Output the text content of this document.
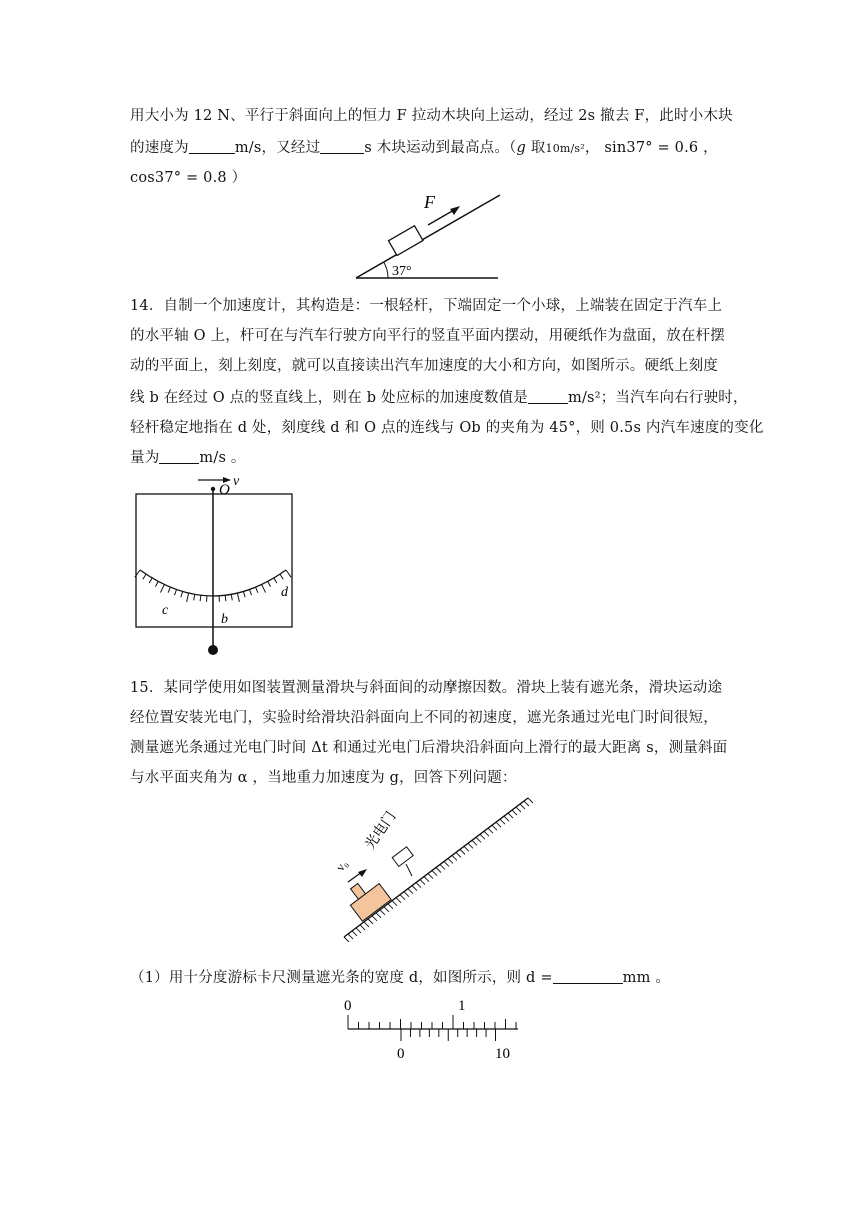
用大小为 12 N、平行于斜面向上的恒力 F 拉动木块向上运动，经过 2s 撤去 F，此时小木块
的速度为	m/s，又经过	s 木块运动到最高点。（g 取10m/s²， sin37° = 0.6 ，
cos37° = 0.8 ）
37°
F
14．自制一个加速度计，其构造是：一根轻杆，下端固定一个小球，上端装在固定于汽车上
的水平轴 O 上，杆可在与汽车行驶方向平行的竖直平面内摆动，用硬纸作为盘面，放在杆摆
动的平面上，刻上刻度，就可以直接读出汽车加速度的大小和方向，如图所示。硬纸上刻度
线 b 在经过 O 点的竖直线上，则在 b 处应标的加速度数值是	m/s²；当汽车向右行驶时，
轻杆稳定地指在 d 处，刻度线 d 和 O 点的连线与 Ob 的夹角为 45°，则 0.5s 内汽车速度的变化
量为	m/s 。
v
O
c
b
d
15．某同学使用如图装置测量滑块与斜面间的动摩擦因数。滑块上装有遮光条，滑块运动途
经位置安装光电门，实验时给滑块沿斜面向上不同的初速度，遮光条通过光电门时间很短，
测量遮光条通过光电门时间 Δt 和通过光电门后滑块沿斜面向上滑行的最大距离 s，测量斜面
与水平面夹角为 α ，当地重力加速度为 g，回答下列问题：
v₀
光电门
（1）用十分度游标卡尺测量遮光条的宽度 d，如图所示，则 d =	mm 。
0	1
0	10
